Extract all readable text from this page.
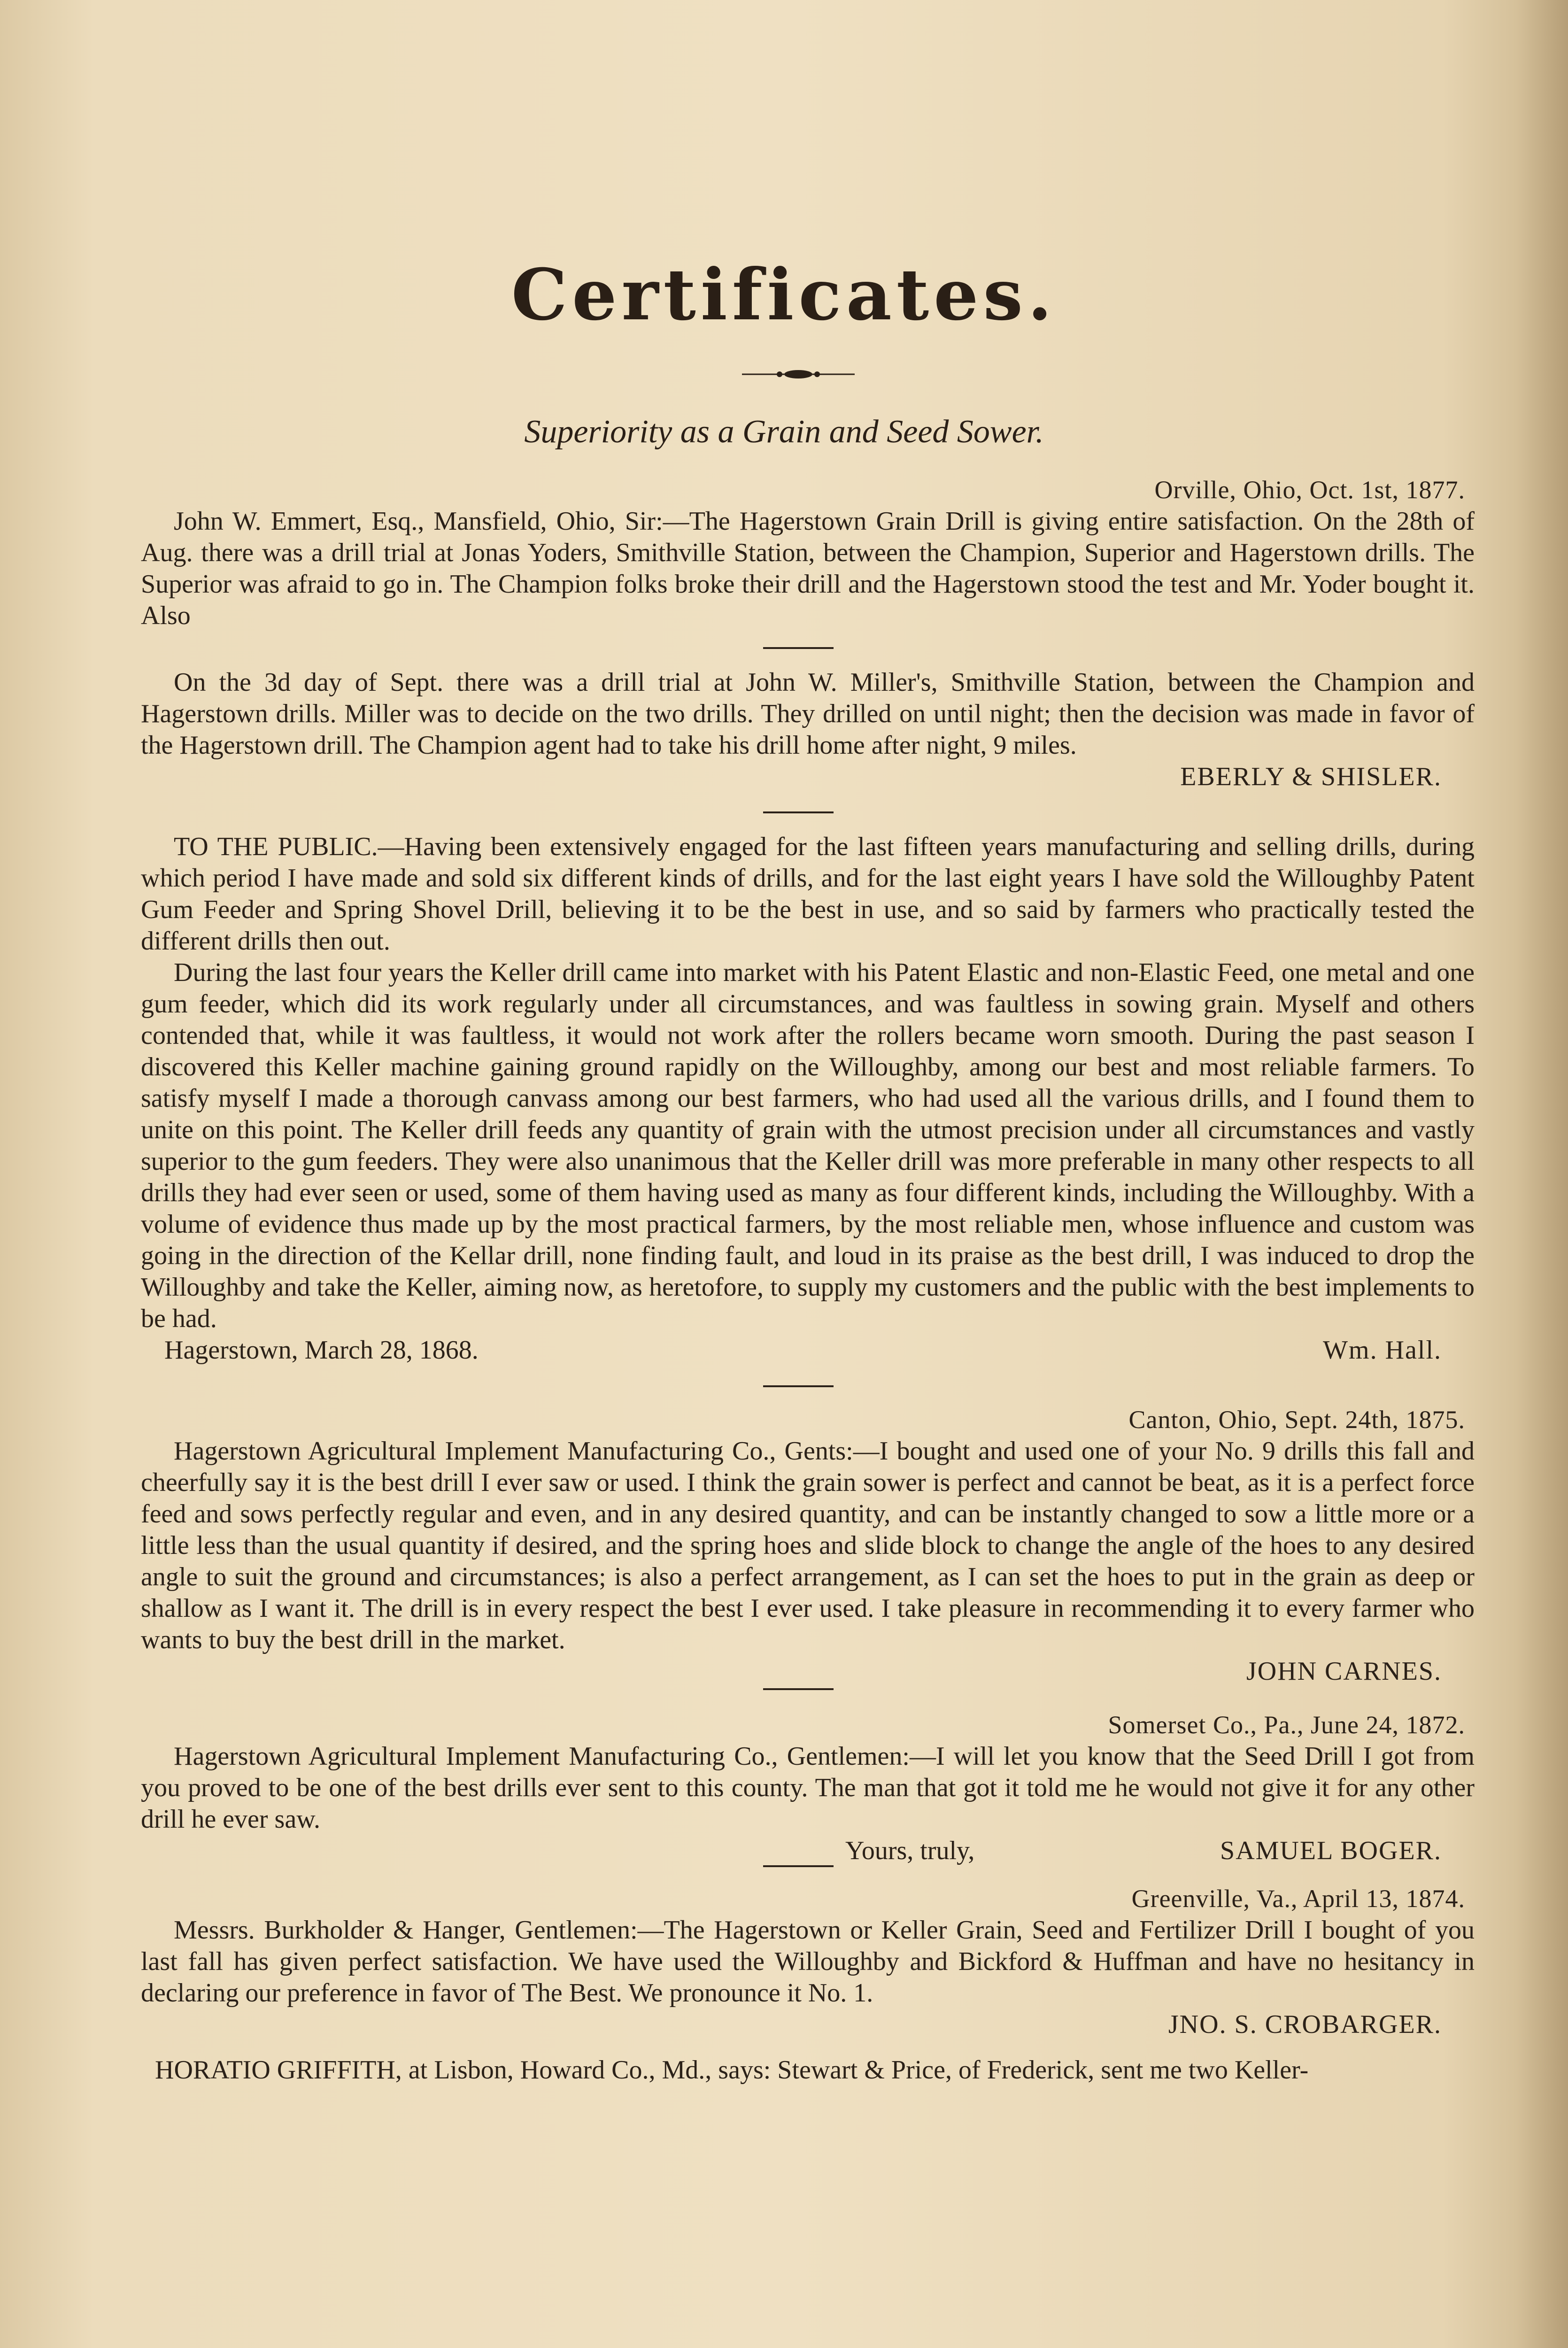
Certificates.
Superiority as a Grain and Seed Sower.
Orville, Ohio, Oct. 1st, 1877.

John W. Emmert, Esq., Mansfield, Ohio, Sir:—The Hagerstown Grain Drill is giving entire satisfaction. On the 28th of Aug. there was a drill trial at Jonas Yoders, Smithville Station, between the Champion, Superior and Hagerstown drills. The Superior was afraid to go in. The Champion folks broke their drill and the Hagerstown stood the test and Mr. Yoder bought it. Also

On the 3d day of Sept. there was a drill trial at John W. Miller's, Smithville Station, between the Champion and Hagerstown drills. Miller was to decide on the two drills. They drilled on until night; then the decision was made in favor of the Hagerstown drill. The Champion agent had to take his drill home after night, 9 miles.

EBERLY & SHISLER.

TO THE PUBLIC.—Having been extensively engaged for the last fifteen years manufacturing and selling drills, during which period I have made and sold six different kinds of drills, and for the last eight years I have sold the Willoughby Patent Gum Feeder and Spring Shovel Drill, believing it to be the best in use, and so said by farmers who practically tested the different drills then out.

During the last four years the Keller drill came into market with his Patent Elastic and non-Elastic Feed, one metal and one gum feeder, which did its work regularly under all circumstances, and was faultless in sowing grain. Myself and others contended that, while it was faultless, it would not work after the rollers became worn smooth. During the past season I discovered this Keller machine gaining ground rapidly on the Willoughby, among our best and most reliable farmers. To satisfy myself I made a thorough canvass among our best farmers, who had used all the various drills, and I found them to unite on this point. The Keller drill feeds any quantity of grain with the utmost precision under all circumstances and vastly superior to the gum feeders. They were also unanimous that the Keller drill was more preferable in many other respects to all drills they had ever seen or used, some of them having used as many as four different kinds, including the Willoughby. With a volume of evidence thus made up by the most practical farmers, by the most reliable men, whose influence and custom was going in the direction of the Kellar drill, none finding fault, and loud in its praise as the best drill, I was induced to drop the Willoughby and take the Keller, aiming now, as heretofore, to supply my customers and the public with the best implements to be had.

Hagerstown, March 28, 1868.	Wm. Hall.
Canton, Ohio, Sept. 24th, 1875.

Hagerstown Agricultural Implement Manufacturing Co., Gents:—I bought and used one of your No. 9 drills this fall and cheerfully say it is the best drill I ever saw or used. I think the grain sower is perfect and cannot be beat, as it is a perfect force feed and sows perfectly regular and even, and in any desired quantity, and can be instantly changed to sow a little more or a little less than the usual quantity if desired, and the spring hoes and slide block to change the angle of the hoes to any desired angle to suit the ground and circumstances; is also a perfect arrangement, as I can set the hoes to put in the grain as deep or shallow as I want it. The drill is in every respect the best I ever used. I take pleasure in recommending it to every farmer who wants to buy the best drill in the market.

JOHN CARNES.
Somerset Co., Pa., June 24, 1872.

Hagerstown Agricultural Implement Manufacturing Co., Gentlemen:—I will let you know that the Seed Drill I got from you proved to be one of the best drills ever sent to this county. The man that got it told me he would not give it for any other drill he ever saw.

Yours, truly,	SAMUEL BOGER.
Greenville, Va., April 13, 1874.

Messrs. Burkholder & Hanger, Gentlemen:—The Hagerstown or Keller Grain, Seed and Fertilizer Drill I bought of you last fall has given perfect satisfaction. We have used the Willoughby and Bickford & Huffman and have no hesitancy in declaring our preference in favor of The Best. We pronounce it No. 1.

JNO. S. CROBARGER.

HORATIO GRIFFITH, at Lisbon, Howard Co., Md., says: Stewart & Price, of Frederick, sent me two Keller-
